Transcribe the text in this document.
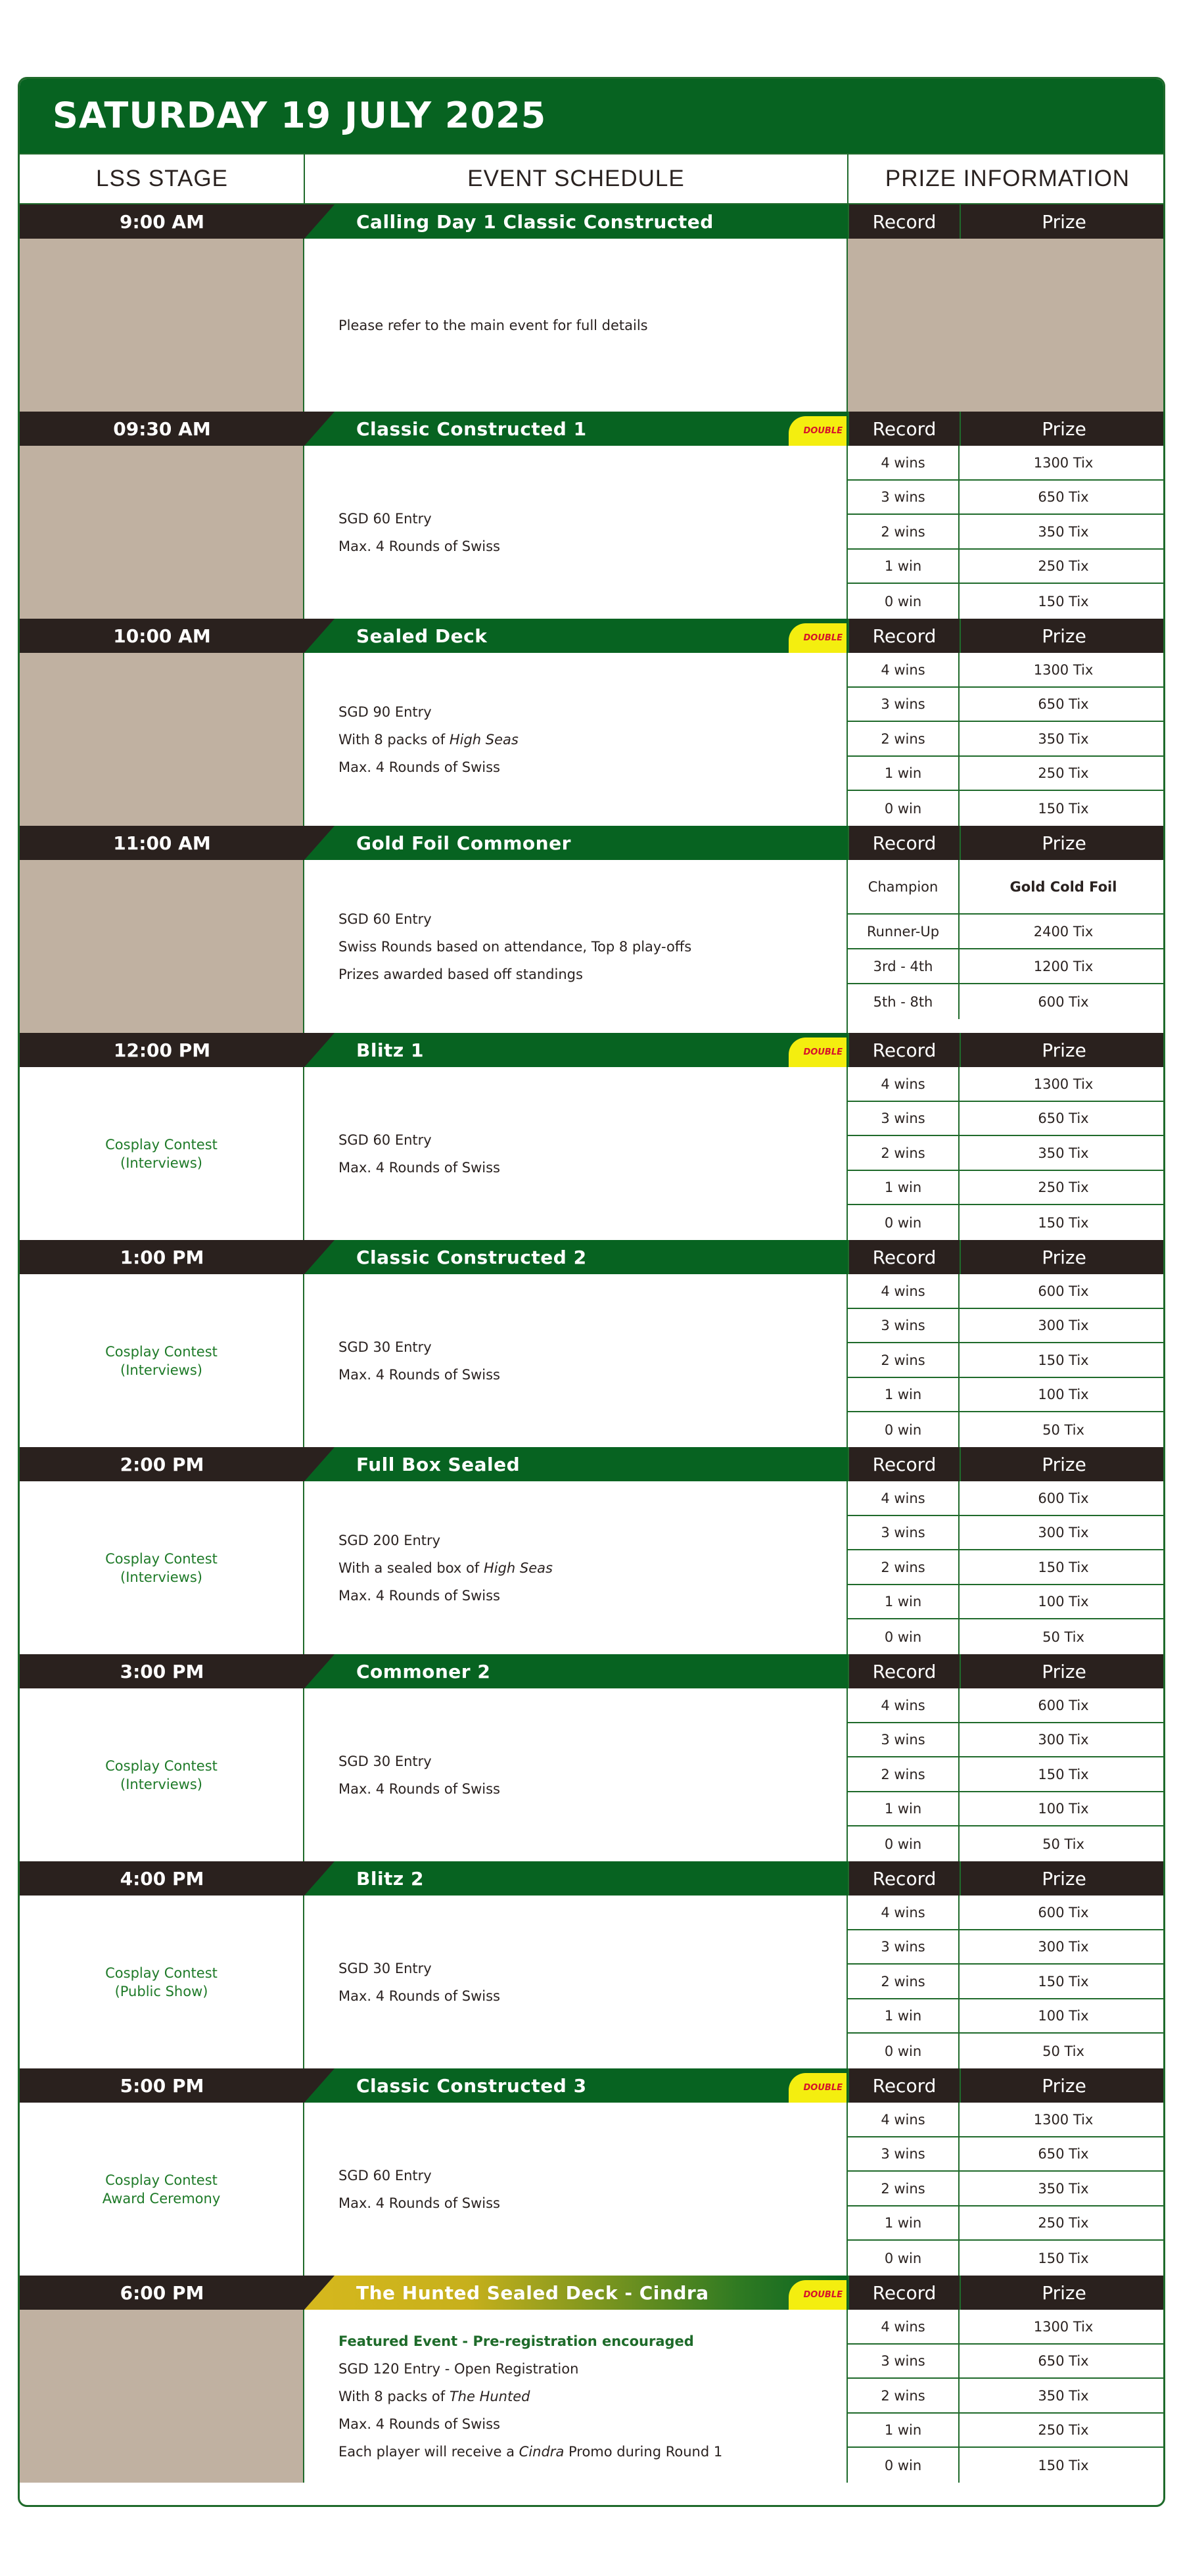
SATURDAY 19 JULY 2025
LSS STAGE	EVENT SCHEDULE	PRIZE INFORMATION
9:00 AM	Calling Day 1 Classic Constructed	Record	Prize
Please refer to the main event for full details
09:30 AM	Classic Constructed 1	DOUBLE	Record	Prize
SGD 60 Entry
Max. 4 Rounds of Swiss
4 wins	1300 Tix
3 wins	650 Tix
2 wins	350 Tix
1 win	250 Tix
0 win	150 Tix
10:00 AM	Sealed Deck	DOUBLE	Record	Prize
SGD 90 Entry
With 8 packs of High Seas
Max. 4 Rounds of Swiss
4 wins	1300 Tix
3 wins	650 Tix
2 wins	350 Tix
1 win	250 Tix
0 win	150 Tix
11:00 AM	Gold Foil Commoner	Record	Prize
SGD 60 Entry
Swiss Rounds based on attendance, Top 8 play-offs
Prizes awarded based off standings
Champion	Gold Cold Foil
Runner-Up	2400 Tix
3rd - 4th	1200 Tix
5th - 8th	600 Tix
12:00 PM	Blitz 1	DOUBLE	Record	Prize
Cosplay Contest
(Interviews)
SGD 60 Entry
Max. 4 Rounds of Swiss
4 wins	1300 Tix
3 wins	650 Tix
2 wins	350 Tix
1 win	250 Tix
0 win	150 Tix
1:00 PM	Classic Constructed 2	Record	Prize
Cosplay Contest
(Interviews)
SGD 30 Entry
Max. 4 Rounds of Swiss
4 wins	600 Tix
3 wins	300 Tix
2 wins	150 Tix
1 win	100 Tix
0 win	50 Tix
2:00 PM	Full Box Sealed	Record	Prize
Cosplay Contest
(Interviews)
SGD 200 Entry
With a sealed box of High Seas
Max. 4 Rounds of Swiss
4 wins	600 Tix
3 wins	300 Tix
2 wins	150 Tix
1 win	100 Tix
0 win	50 Tix
3:00 PM	Commoner 2	Record	Prize
Cosplay Contest
(Interviews)
SGD 30 Entry
Max. 4 Rounds of Swiss
4 wins	600 Tix
3 wins	300 Tix
2 wins	150 Tix
1 win	100 Tix
0 win	50 Tix
4:00 PM	Blitz 2	Record	Prize
Cosplay Contest
(Public Show)
SGD 30 Entry
Max. 4 Rounds of Swiss
4 wins	600 Tix
3 wins	300 Tix
2 wins	150 Tix
1 win	100 Tix
0 win	50 Tix
5:00 PM	Classic Constructed 3	DOUBLE	Record	Prize
Cosplay Contest
Award Ceremony
SGD 60 Entry
Max. 4 Rounds of Swiss
4 wins	1300 Tix
3 wins	650 Tix
2 wins	350 Tix
1 win	250 Tix
0 win	150 Tix
6:00 PM	The Hunted Sealed Deck - Cindra	DOUBLE	Record	Prize
Featured Event - Pre-registration encouraged
SGD 120 Entry - Open Registration
With 8 packs of The Hunted
Max. 4 Rounds of Swiss
Each player will receive a Cindra Promo during Round 1
4 wins	1300 Tix
3 wins	650 Tix
2 wins	350 Tix
1 win	250 Tix
0 win	150 Tix
